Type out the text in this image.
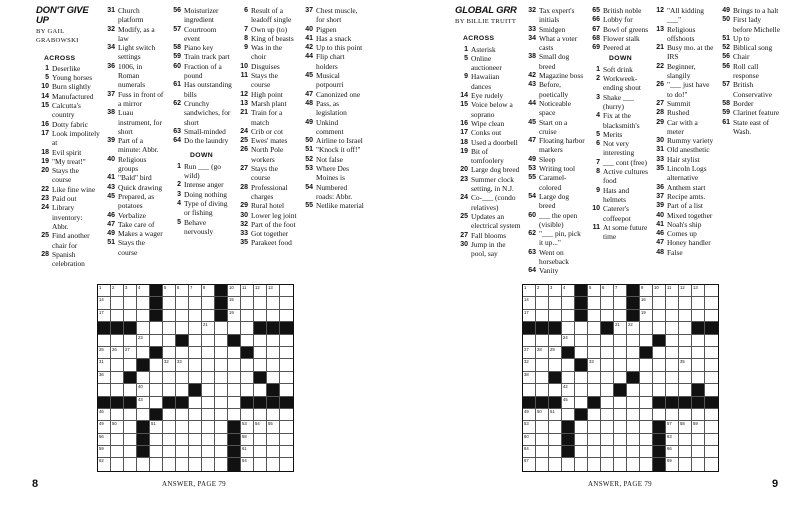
DON'T GIVE UP
BY GAIL GRABOWSKI
ACROSS
1 Deserlike
5 Young horses
10 Burn slightly
14 Manufactured
15 Calcutta's country
16 Dotty fabric
17 Look impolitely at
18 Evil spirit
19 "My treat!"
20 Stays the course
22 Like fine wine
23 Paid out
24 Library inventory: Abbr.
25 Find another chair for
28 Spanish celebration
31 Church platform
32 Modify, as a law
34 Light switch settings
36 1006, in Roman numerals
37 Fuss in front of a mirror
38 Luau instrument, for short
39 Part of a minute: Abbr.
40 Religious groups
41 "Bald" bird
43 Quick drawing
45 Prepared, as potatoes
46 Verbalize
47 Take care of
49 Makes a wager
51 Stays the course
56 Moisturizer ingredient
57 Courtroom event
58 Piano key
59 Train track part
60 Fraction of a pound
61 Has outstanding bills
62 Crunchy sandwiches, for short
63 Small-minded
64 Do the laundry
DOWN
1 Run ___ (go wild)
2 Intense anger
3 Doing nothing
4 Type of diving or fishing
5 Behave nervously
6 Result of a leadoff single
7 Own up (to)
8 King of beasts
9 Was in the choir
10 Disguises
11 Stays the course
12 High point
13 Marsh plant
21 Train for a match
24 Crib or cot
25 Ewes' mates
26 North Pole workers
27 Stays the course
28 Professional charges
29 Rural hotel
30 Lower leg joint
32 Part of the foot
33 Got together
35 Parakeet food
37 Chest muscle, for short
40 Pigpen
41 Has a snack
42 Up to this point
44 Flip chart holders
45 Musical potpourri
47 Canonized one
48 Pass, as legislation
49 Unkind comment
50 Airline to Israel
51 "Knock it off!"
52 Not false
53 Where Des Moines is
54 Numbered roads: Abbr.
55 Netlike material
1	2	3	4	5	6	7	8	10 11 12 13
14	15
17	19
21
23
25 26 27
31	32 33
36
40
43
46
49 50	51	53 54 55
56	58
59	61
62	64
8	ANSWER, PAGE 79
GLOBAL GRR
BY BILLIE TRUITT
ACROSS
1 Asterisk
5 Online auctioneer
9 Hawaiian dances
14 Eye rudely
15 Voice below a soprano
16 Wipe clean
17 Conks out
18 Used a doorbell
19 Bit of tomfoolery
20 Large dog breed
23 Summer clock setting, in N.J.
24 Co-___ (condo relatives)
25 Updates an electrical system
27 Fall blooms
30 Jump in the pool, say
32 Tax expert's initials
33 Smidgen
34 What a voter casts
38 Small dog breed
42 Magazine boss
43 Before, poetically
44 Noticeable space
45 Start on a cruise
47 Floating harbor markers
49 Sleep
53 Writing tool
55 Caramel-colored
54 Large dog breed
60 ___ the open (visible)
62 "___ pin, pick it up..."
63 Went on horseback
64 Vanity
65 British noble
66 Lobby for
67 Bowl of greens
68 Flower stalk
69 Peered at
DOWN
1 Soft drink
2 Workweek-ending shout
3 Shake ___ (hurry)
4 Fix at the blacksmith's
5 Merits
6 Not very interesting
7 ___ cont (free)
8 Active cultures food
9 Hats and helmets
10 Caterer's coffeepot
11 At some future time
12 "All kidding ___"
13 Religious offshoots
21 Busy mo. at the IRS
22 Beginner, slangily
26 "___ just have to do!"
27 Summit
28 Rushed
29 Car with a meter
30 Rummy variety
31 Old anesthetic
33 Hair stylist
35 Lincoln Logs alternative
36 Anthem start
37 Recipe amts.
39 Part of a list
40 Mixed together
41 Noah's ship
46 Comes up
47 Honey handler
48 False
49 Brings to a halt
50 First lady before Michelle
51 Up to
52 Biblical song
56 Chair
56 Roll call response
57 British Conservative
58 Border
59 Clarinet feature
61 State east of Wash.
1	2	3	4	5	6	7	9	10 11 12 13
14	16
17	19
21 22
24
27 28 29
32	33	35
38
42
45
49 50 51
53	57 58 59
60	63
64	66
67	69
9
ANSWER, PAGE 79
